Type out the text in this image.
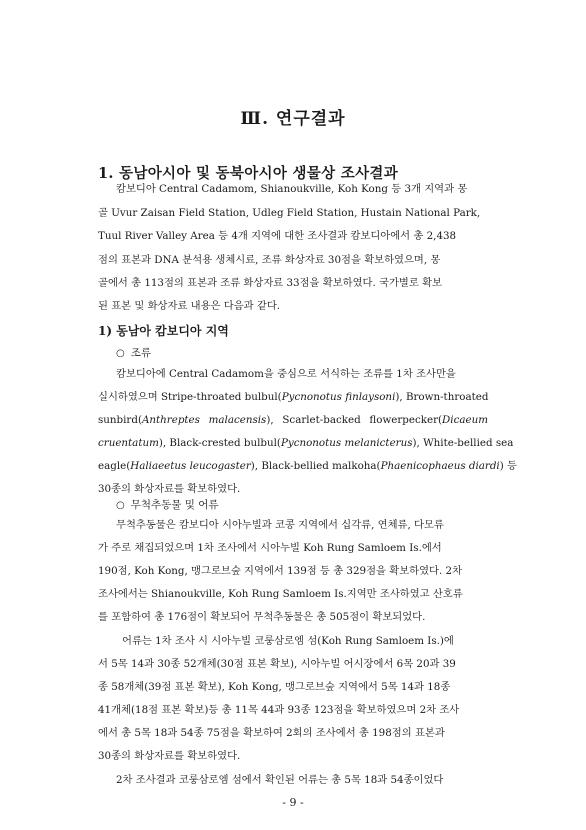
Ⅲ. 연구결과
1. 동남아시아 및 동북아시아 생물상 조사결과
캄보디아 Central Cadamom, Shianoukville, Koh Kong 등 3개 지역과 몽
골 Uvur Zaisan Field Station, Udleg Field Station, Hustain National Park,
Tuul River Valley Area 등 4개 지역에 대한 조사결과 캄보디아에서 총 2,438
점의 표본과 DNA 분석용 생체시료, 조류 화상자료 30점을 확보하였으며, 몽
골에서 총 113점의 표본과 조류 화상자료 33점을 확보하였다. 국가별로 확보
된 표본 및 화상자료 내용은 다음과 같다.
1) 동남아 캄보디아 지역
○ 조류
캄보디아에 Central Cadamom을 중심으로 서식하는 조류를 1차 조사만을
실시하였으며 Stripe-throated bulbul(Pycnonotus finlaysoni), Brown-throated
sunbird(Anthreptes malacensis), Scarlet-backed flowerpecker(Dicaeum
cruentatum), Black-crested bulbul(Pycnonotus melanicterus), White-bellied sea
eagle(Haliaeetus leucogaster), Black-bellied malkoha(Phaenicophaeus diardi) 등
30종의 화상자료를 확보하였다.
○ 무척추동물 및 어류
무척추동물은 캄보디아 시아누빌과 코콩 지역에서 십각류, 연체류, 다모류
가 주로 채집되었으며 1차 조사에서 시아누빌 Koh Rung Samloem Is.에서
190점, Koh Kong, 맹그로브숲 지역에서 139점 등 총 329점을 확보하였다. 2차
조사에서는 Shianoukville, Koh Rung Samloem Is.지역만 조사하였고 산호류
를 포함하여 총 176점이 확보되어 무척추동물은 총 505점이 확보되었다.
어류는 1차 조사 시 시아누빌 코룽삼로엠 섬(Koh Rung Samloem Is.)에
서 5목 14과 30종 52개체(30점 표본 확보), 시아누빌 어시장에서 6목 20과 39
종 58개체(39점 표본 확보), Koh Kong, 맹그로브숲 지역에서 5목 14과 18종
41개체(18점 표본 확보)등 총 11목 44과 93종 123점을 확보하였으며 2차 조사
에서 총 5목 18과 54종 75점을 확보하여 2회의 조사에서 총 198점의 표본과
30종의 화상자료를 확보하였다.
2차 조사결과 코룽삼로엠 섬에서 확인된 어류는 총 5목 18과 54종이었다
- 9 -
